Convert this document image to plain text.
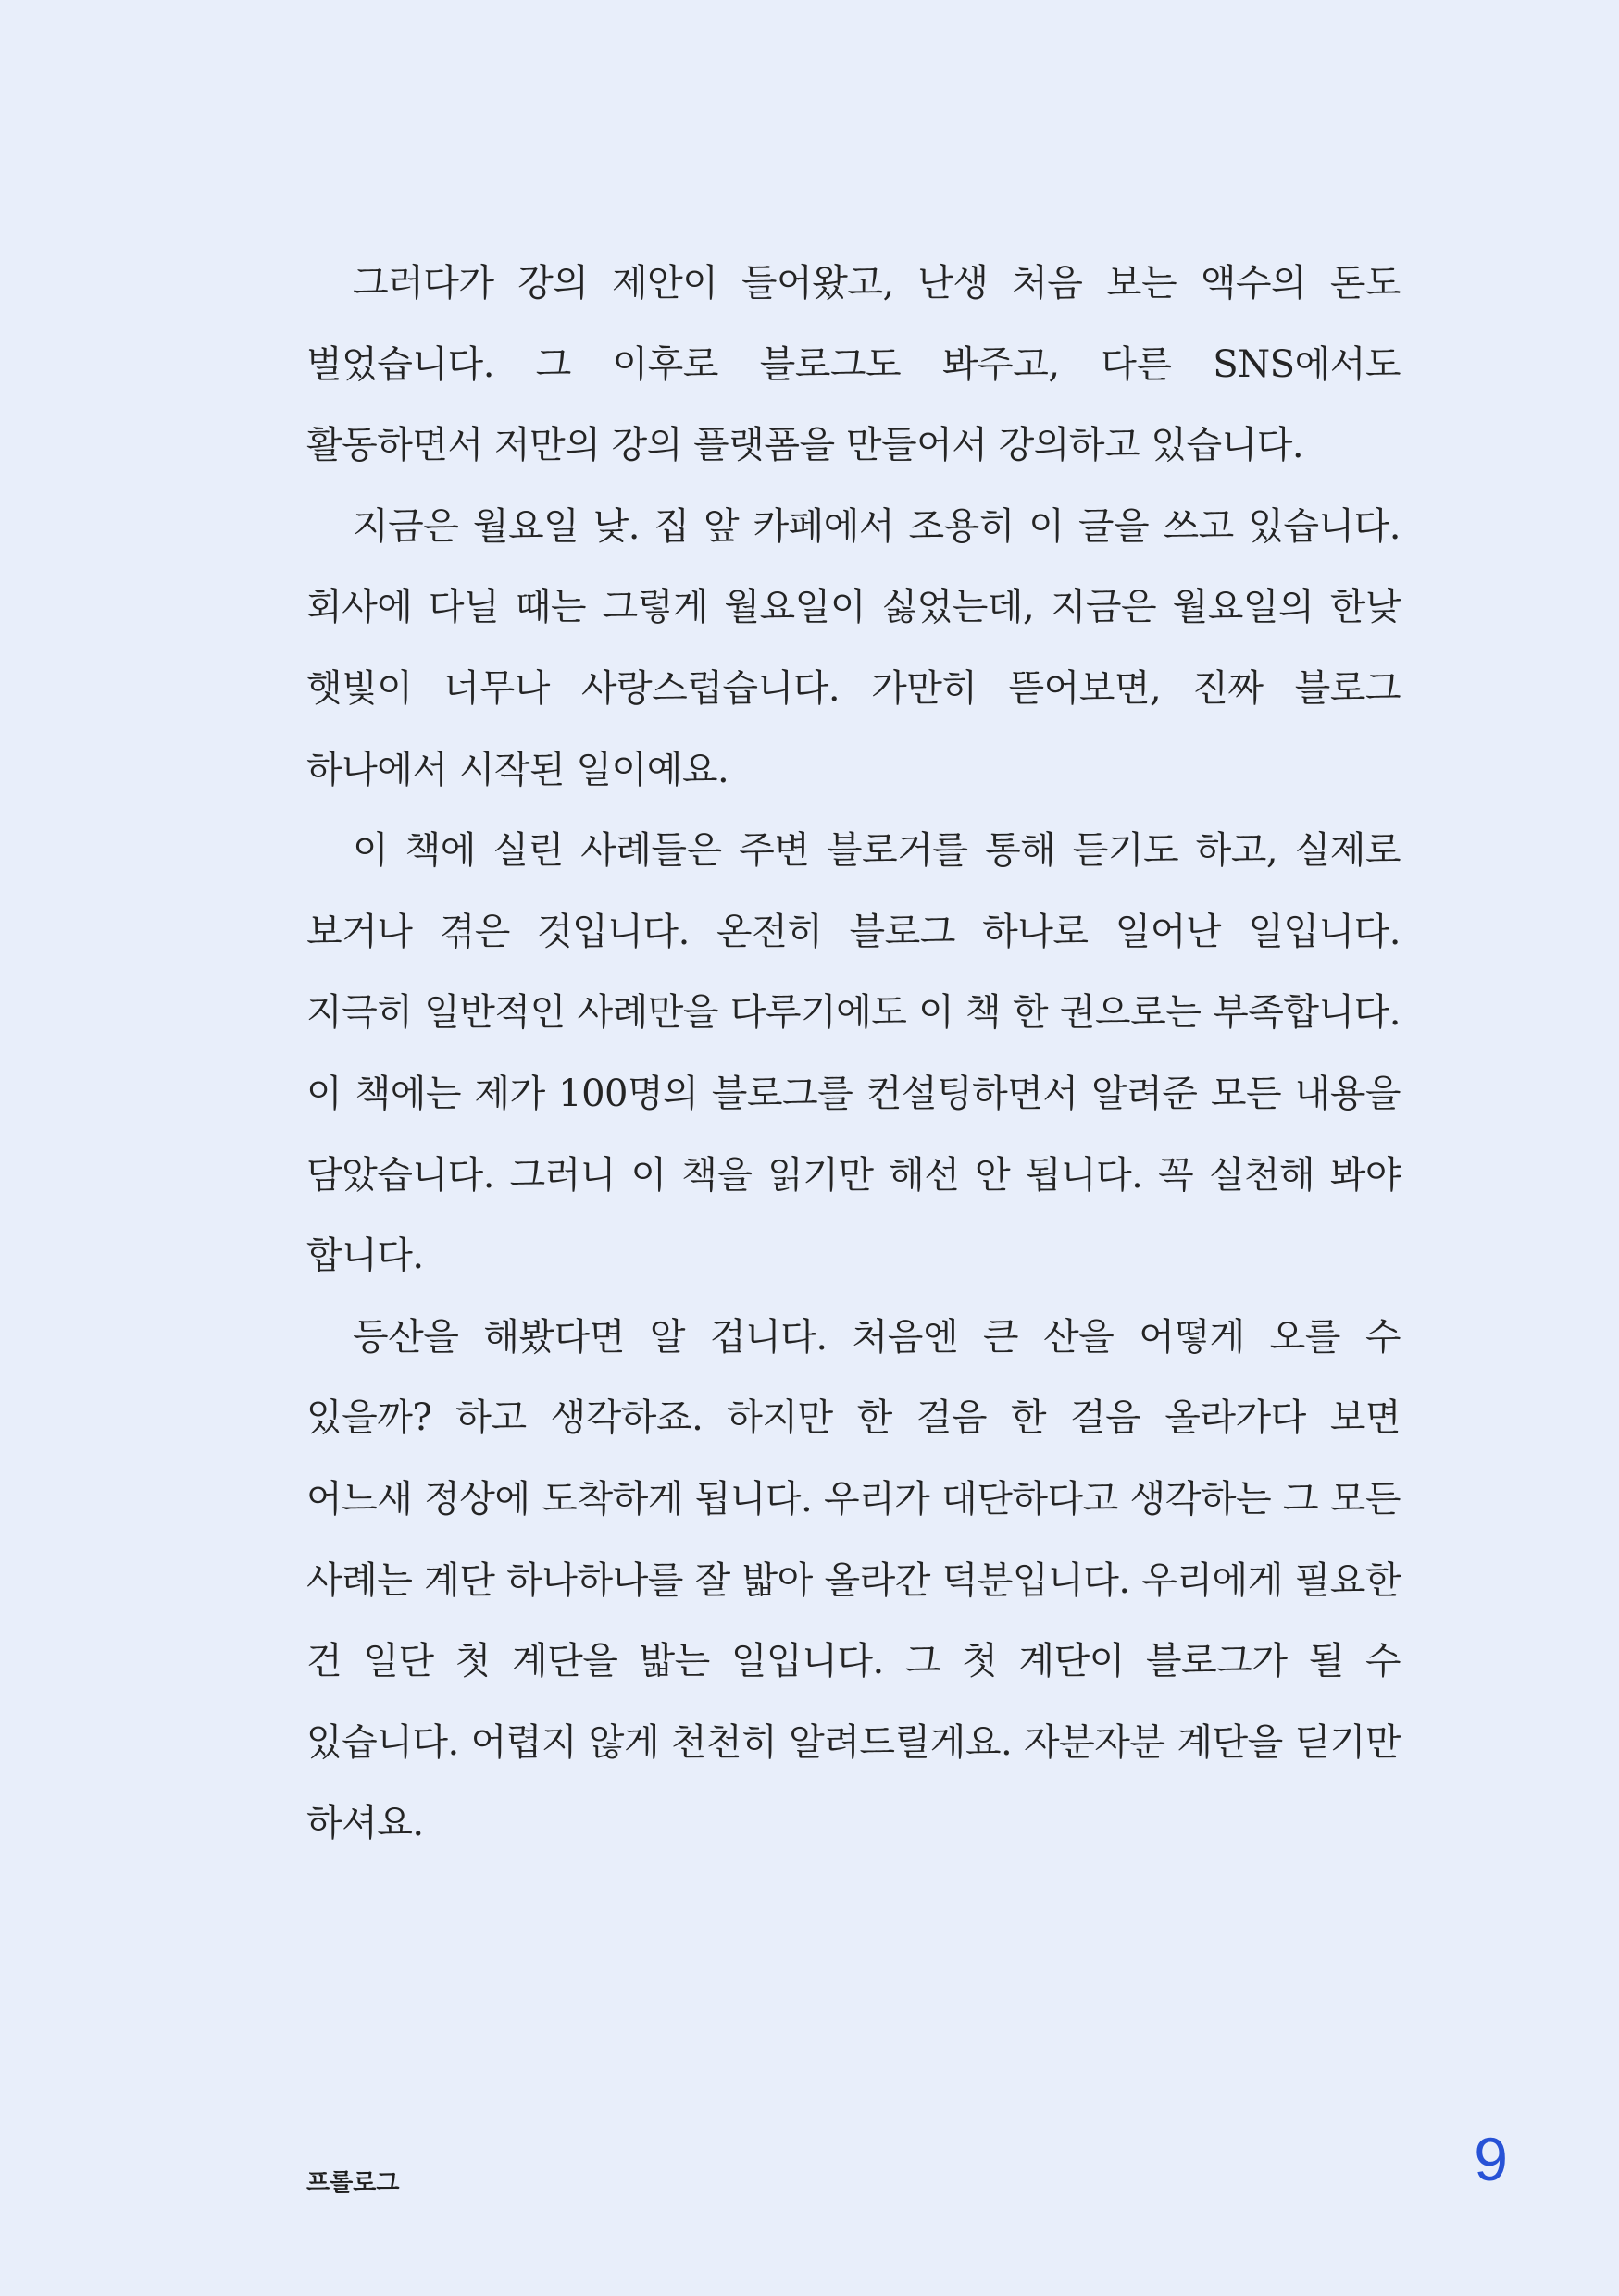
그러다가 강의 제안이 들어왔고, 난생 처음 보는 액수의 돈도 벌었습니다. 그 이후로 블로그도 봐주고, 다른 SNS에서도 활동하면서 저만의 강의 플랫폼을 만들어서 강의하고 있습니다.

지금은 월요일 낮. 집 앞 카페에서 조용히 이 글을 쓰고 있습니다. 회사에 다닐 때는 그렇게 월요일이 싫었는데, 지금은 월요일의 한낮 햇빛이 너무나 사랑스럽습니다. 가만히 뜯어보면, 진짜 블로그 하나에서 시작된 일이예요.

이 책에 실린 사례들은 주변 블로거를 통해 듣기도 하고, 실제로 보거나 겪은 것입니다. 온전히 블로그 하나로 일어난 일입니다. 지극히 일반적인 사례만을 다루기에도 이 책 한 권으로는 부족합니다. 이 책에는 제가 100명의 블로그를 컨설팅하면서 알려준 모든 내용을 담았습니다. 그러니 이 책을 읽기만 해선 안 됩니다. 꼭 실천해 봐야 합니다.

등산을 해봤다면 알 겁니다. 처음엔 큰 산을 어떻게 오를 수 있을까? 하고 생각하죠. 하지만 한 걸음 한 걸음 올라가다 보면 어느새 정상에 도착하게 됩니다. 우리가 대단하다고 생각하는 그 모든 사례는 계단 하나하나를 잘 밟아 올라간 덕분입니다. 우리에게 필요한 건 일단 첫 계단을 밟는 일입니다. 그 첫 계단이 블로그가 될 수 있습니다. 어렵지 않게 천천히 알려드릴게요. 자분자분 계단을 딛기만 하셔요.

프롤로그	9
